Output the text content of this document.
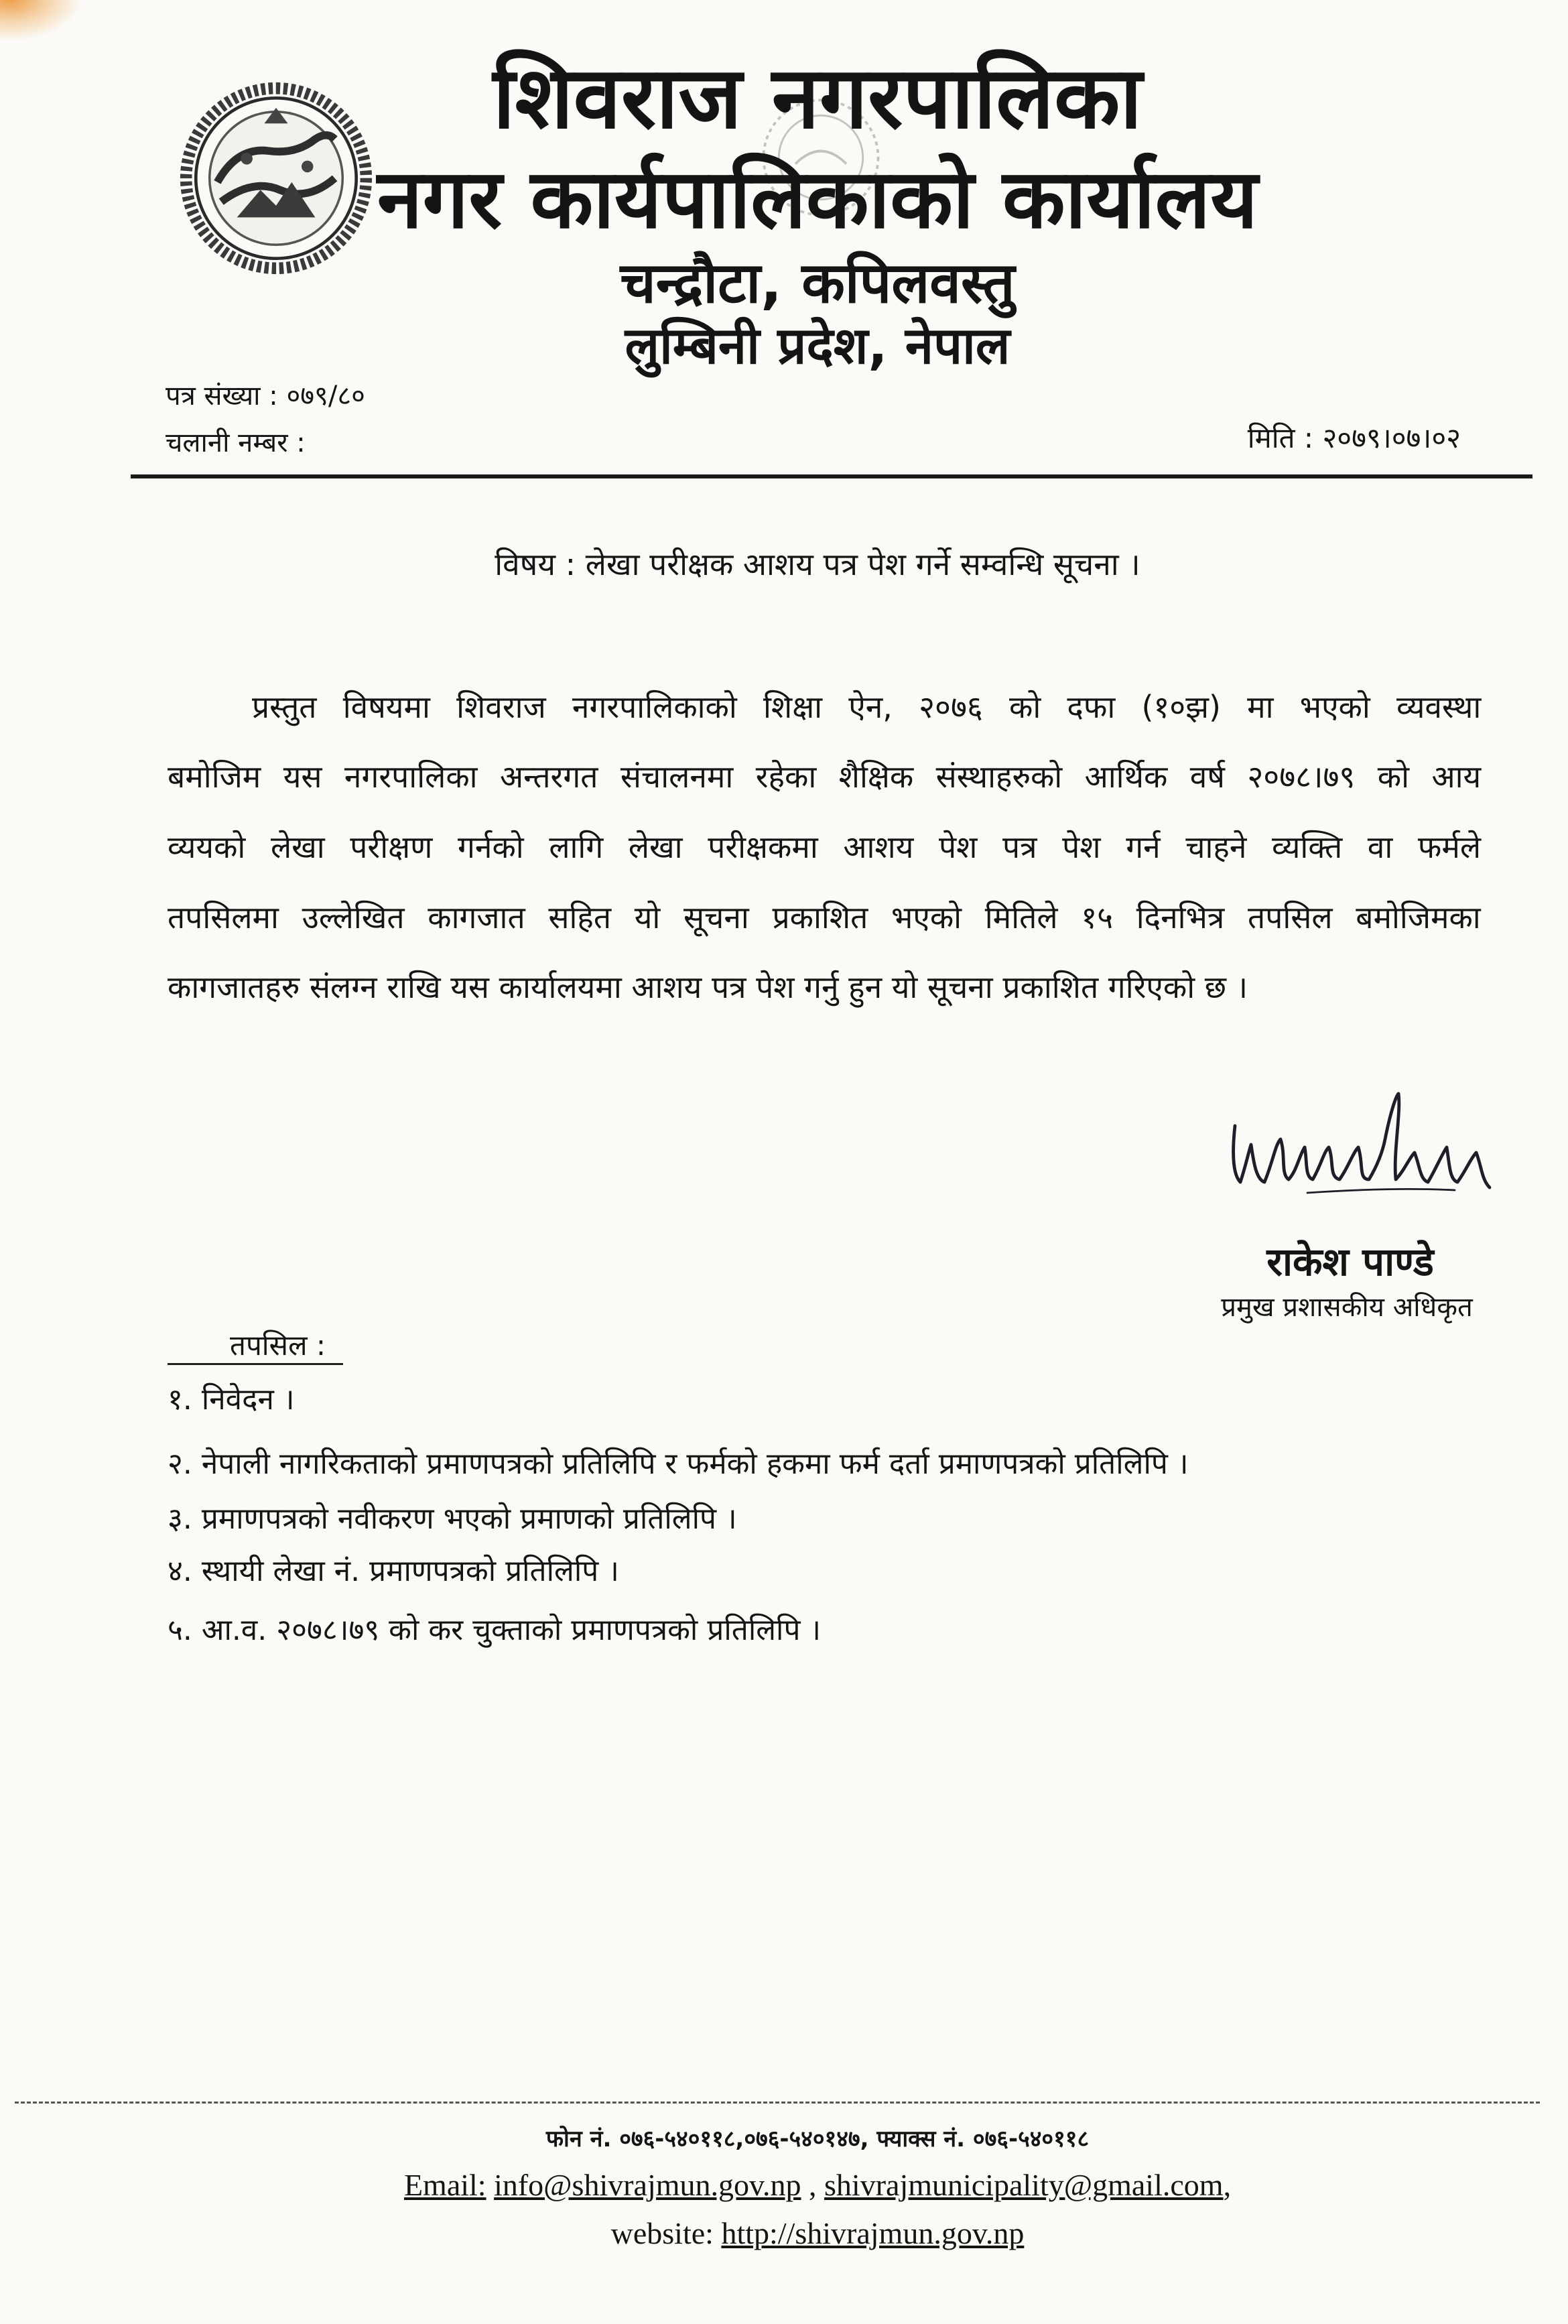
शिवराज नगरपालिका
नगर कार्यपालिकाको कार्यालय
चन्द्रौटा, कपिलवस्तु
लुम्बिनी प्रदेश, नेपाल
पत्र संख्या : ०७९/८०
चलानी नम्बर :	मिति : २०७९।०७।०२
विषय : लेखा परीक्षक आशय पत्र पेश गर्ने सम्वन्धि सूचना ।
प्रस्तुत विषयमा शिवराज नगरपालिकाको शिक्षा ऐन, २०७६ को दफा (१०झ) मा भएको व्यवस्था
बमोजिम यस नगरपालिका अन्तरगत संचालनमा रहेका शैक्षिक संस्थाहरुको आर्थिक वर्ष २०७८।७९ को आय
व्ययको लेखा परीक्षण गर्नको लागि लेखा परीक्षकमा आशय पेश पत्र पेश गर्न चाहने व्यक्ति वा फर्मले
तपसिलमा उल्लेखित कागजात सहित यो सूचना प्रकाशित भएको मितिले १५ दिनभित्र तपसिल बमोजिमका
कागजातहरु संलग्न राखि यस कार्यालयमा आशय पत्र पेश गर्नु हुन यो सूचना प्रकाशित गरिएको छ ।
राकेश पाण्डे
प्रमुख प्रशासकीय अधिकृत
तपसिल :
१. निवेदन ।
२. नेपाली नागरिकताको प्रमाणपत्रको प्रतिलिपि र फर्मको हकमा फर्म दर्ता प्रमाणपत्रको प्रतिलिपि ।
३. प्रमाणपत्रको नवीकरण भएको प्रमाणको प्रतिलिपि ।
४. स्थायी लेखा नं. प्रमाणपत्रको प्रतिलिपि ।
५. आ.व. २०७८।७९ को कर चुक्ताको प्रमाणपत्रको प्रतिलिपि ।
फोन नं. ०७६-५४०११८,०७६-५४०१४७, फ्याक्स नं. ०७६-५४०११८
Email: info@shivrajmun.gov.np , shivrajmunicipality@gmail.com,
website: http://shivrajmun.gov.np
